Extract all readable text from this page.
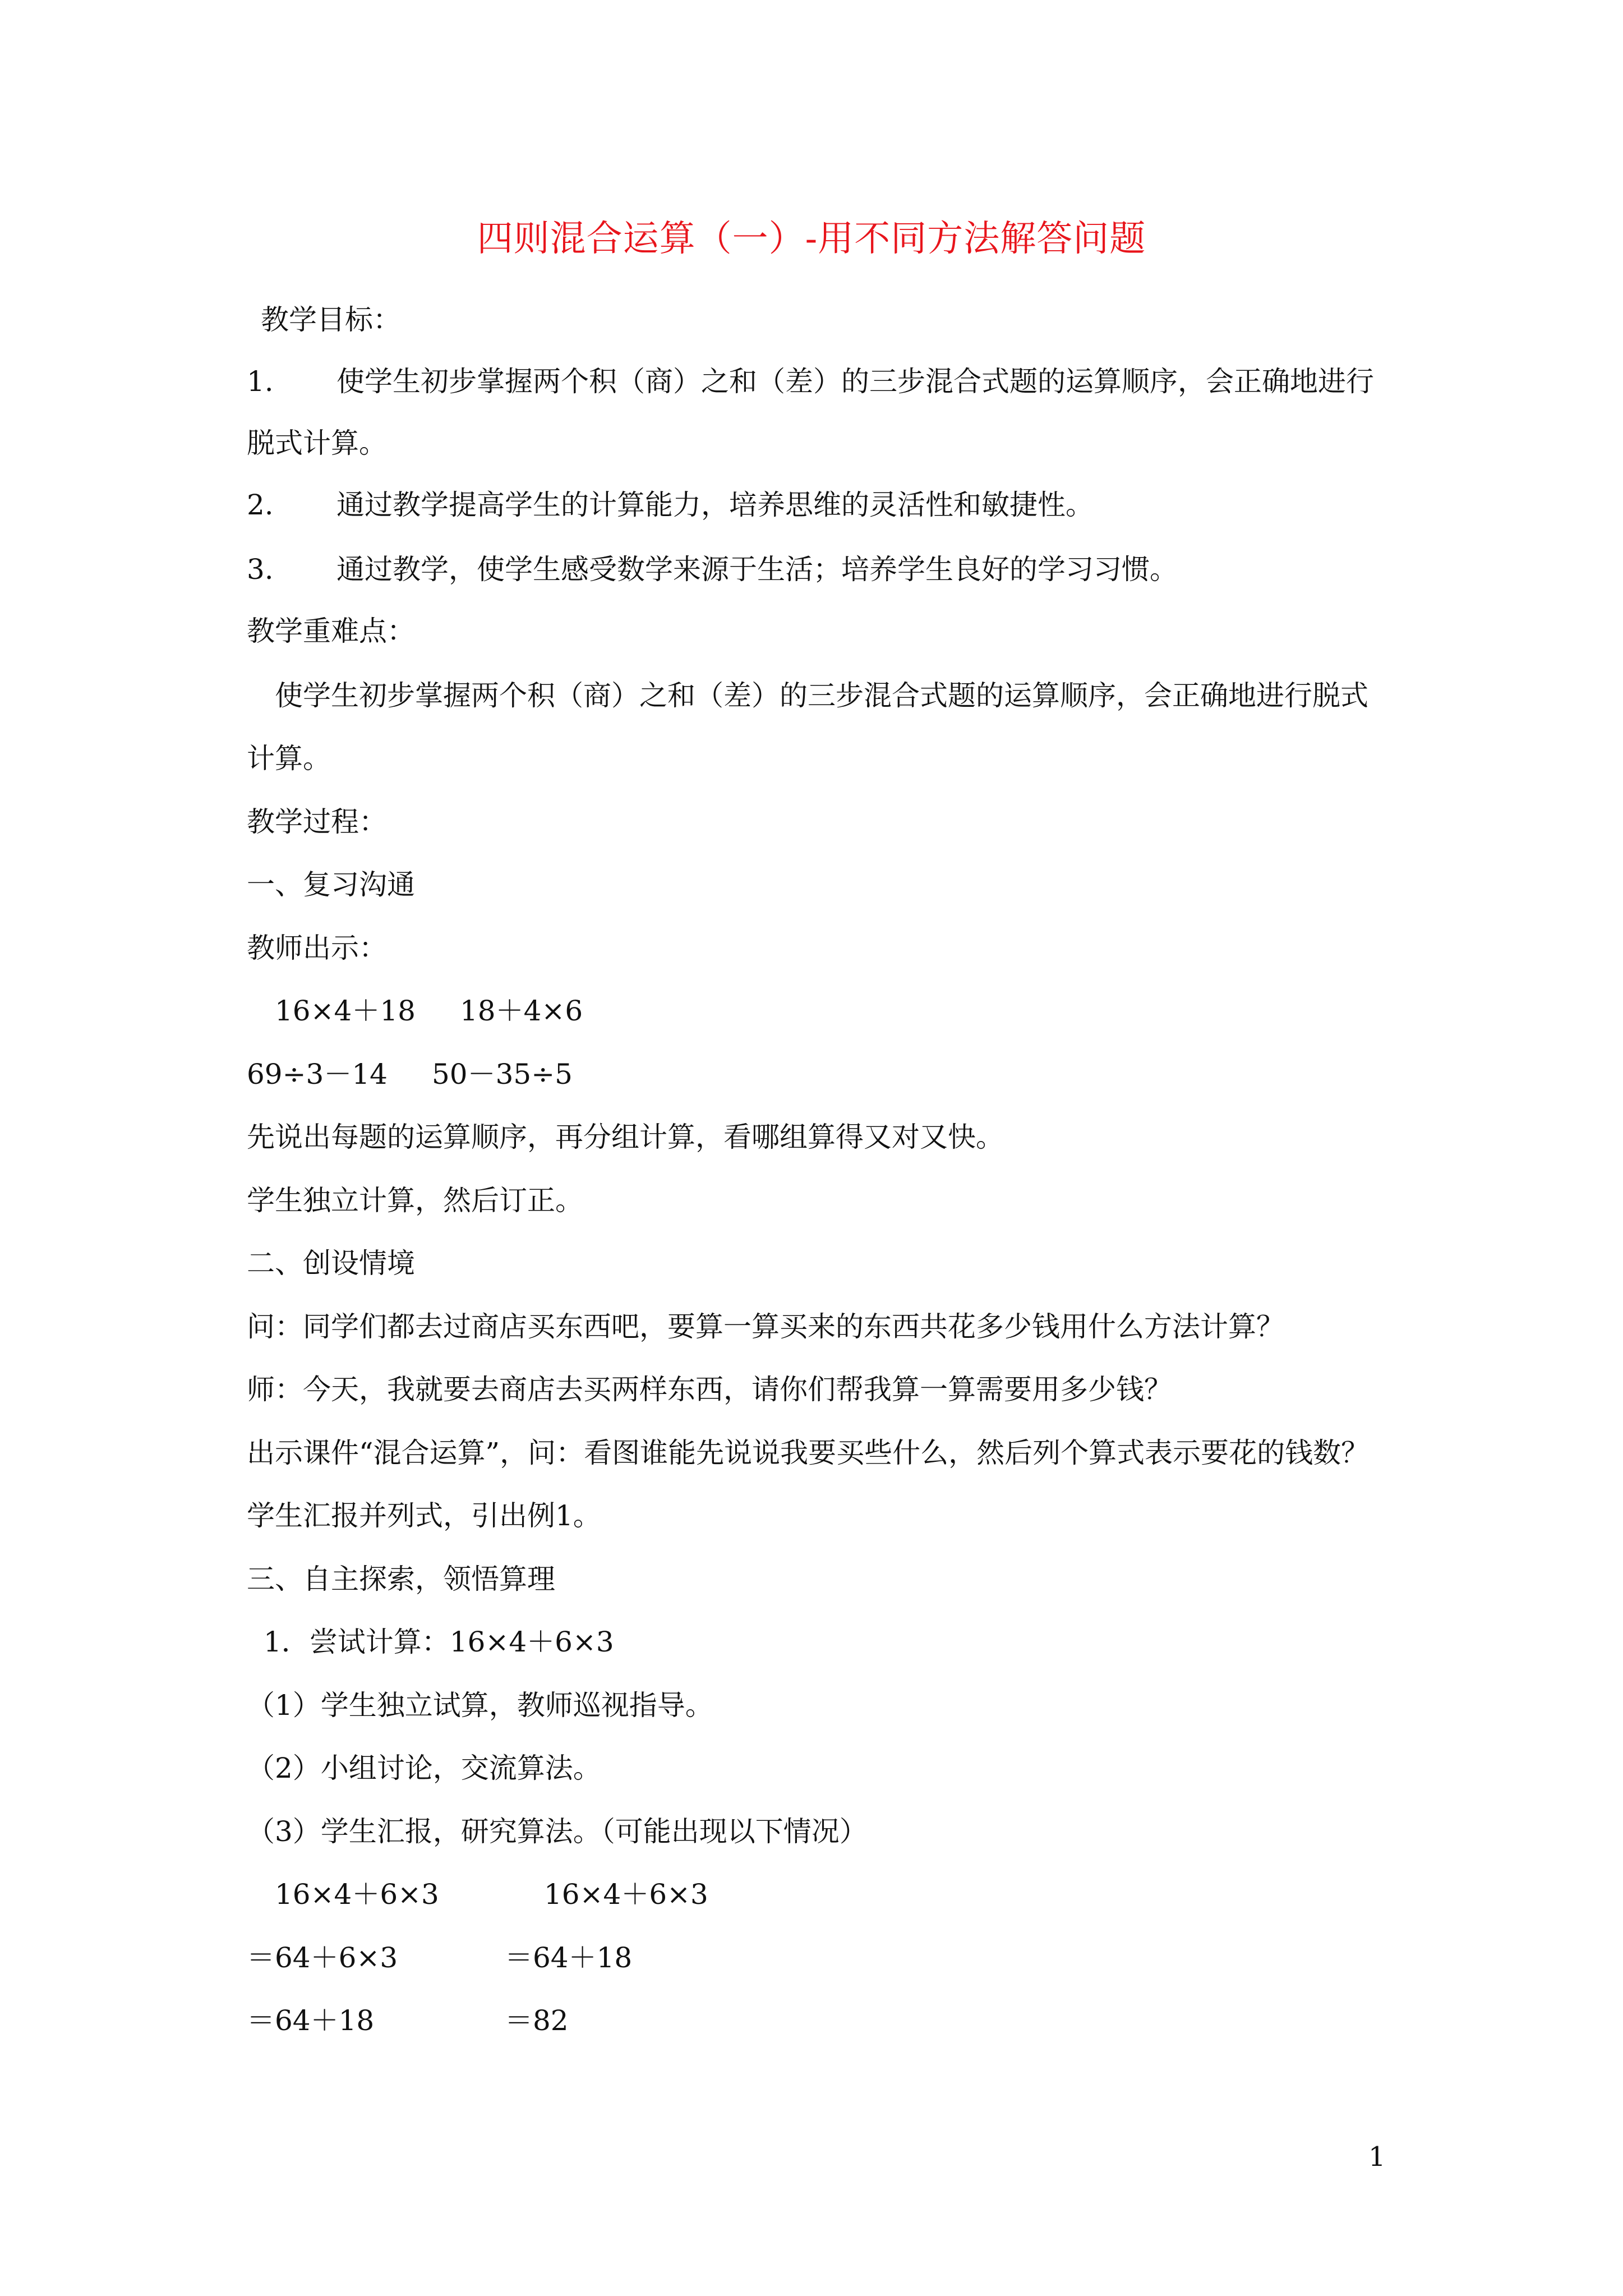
四则混合运算（一）-用不同方法解答问题
教学目标：
1. 使学生初步掌握两个积（商）之和（差）的三步混合式题的运算顺序，会正确地进行
脱式计算。
2. 通过教学提高学生的计算能力，培养思维的灵活性和敏捷性。
3. 通过教学，使学生感受数学来源于生活；培养学生良好的学习习惯。
教学重难点：
使学生初步掌握两个积（商）之和（差）的三步混合式题的运算顺序，会正确地进行脱式
计算。
教学过程：
一、复习沟通
教师出示：
16×4＋18 18＋4×6
69÷3－14 50－35÷5
先说出每题的运算顺序，再分组计算，看哪组算得又对又快。
学生独立计算，然后订正。
二、创设情境
问：同学们都去过商店买东西吧，要算一算买来的东西共花多少钱用什么方法计算？
师：今天，我就要去商店去买两样东西，请你们帮我算一算需要用多少钱？
出示课件“混合运算”，问：看图谁能先说说我要买些什么，然后列个算式表示要花的钱数？
学生汇报并列式，引出例1。
三、自主探索，领悟算理
1．尝试计算：16×4＋6×3
（1）学生独立试算，教师巡视指导。
（2）小组讨论，交流算法。
（3）学生汇报，研究算法。（可能出现以下情况）
16×4＋6×3
＝64＋6×3
＝64＋18
16×4＋6×3
＝64＋18
＝82
1
